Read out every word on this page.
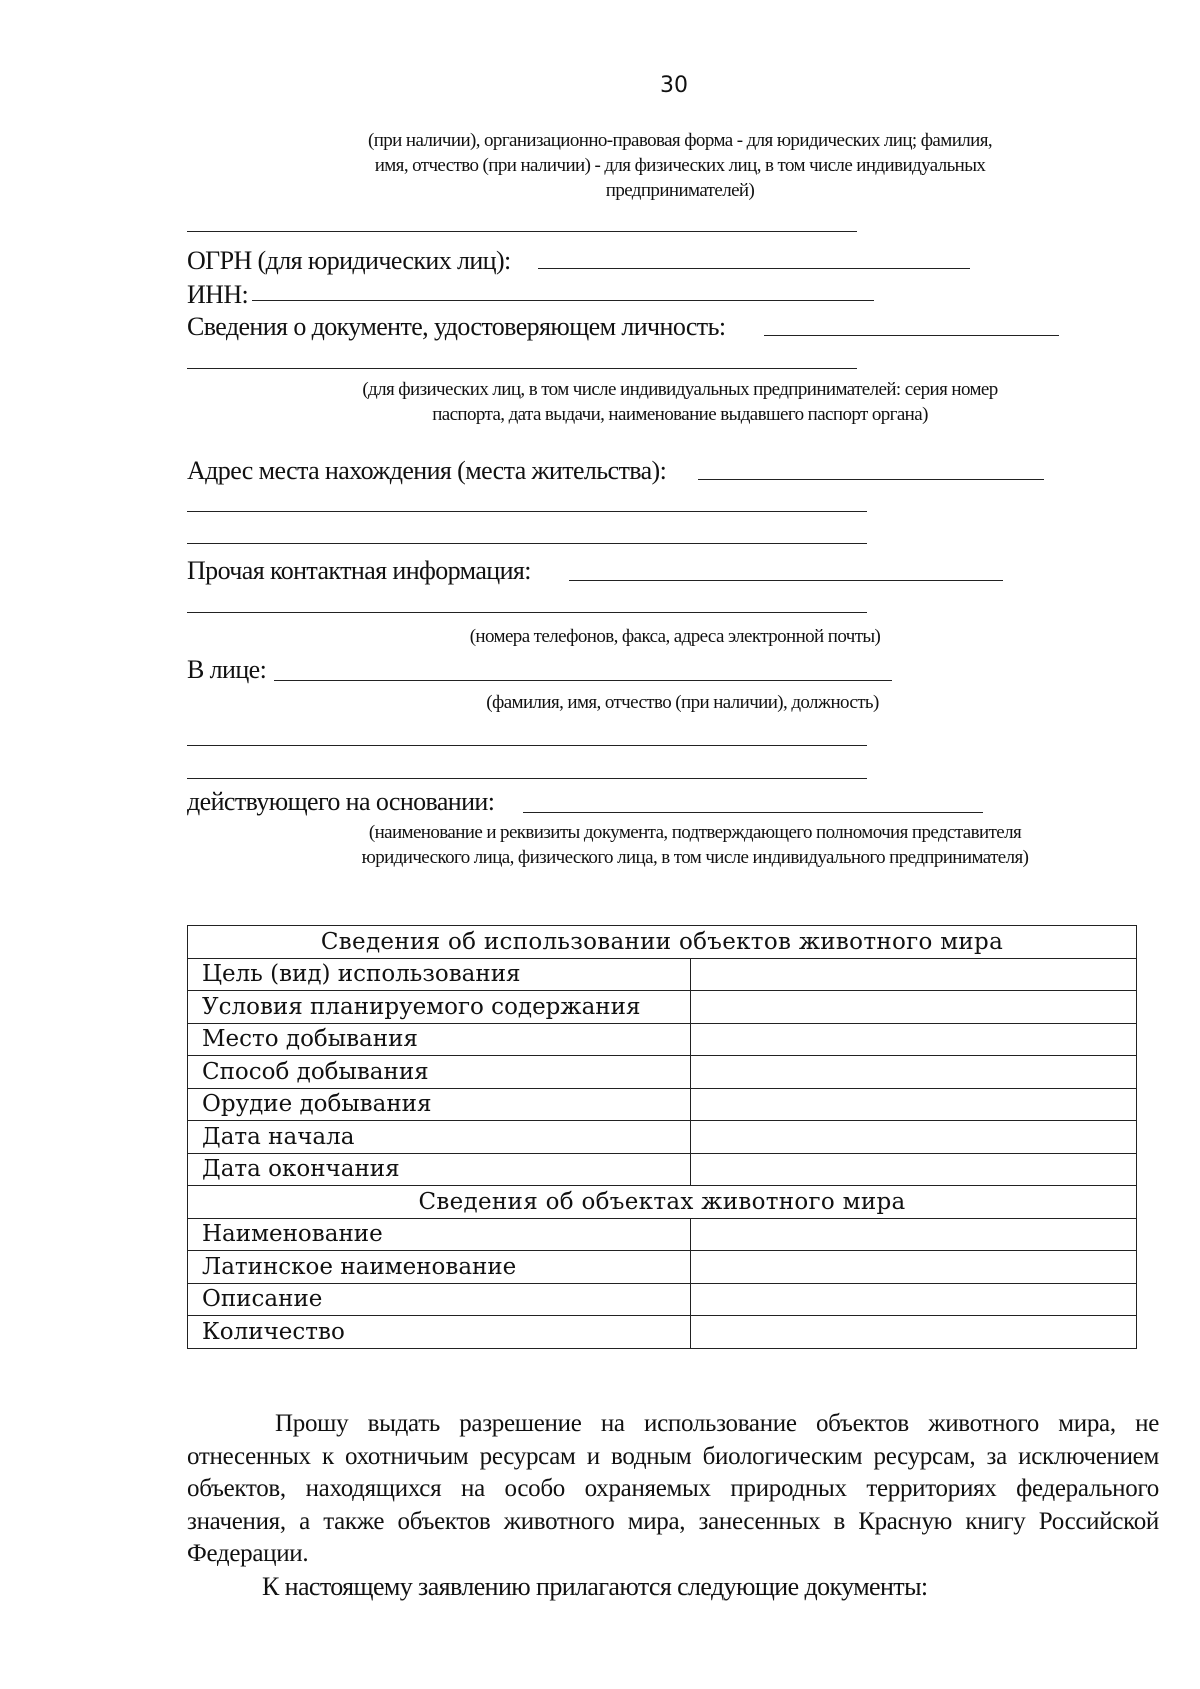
30
(при наличии), организационно-правовая форма - для юридических лиц; фамилия, имя, отчество (при наличии) - для физических лиц, в том числе индивидуальных предпринимателей)
ОГРН (для юридических лиц):
ИНН:
Сведения о документе, удостоверяющем личность:
(для физических лиц, в том числе индивидуальных предпринимателей: серия номер паспорта, дата выдачи, наименование выдавшего паспорт органа)
Адрес места нахождения (места жительства):
Прочая контактная информация:
(номера телефонов, факса, адреса электронной почты)
В лице:
(фамилия, имя, отчество (при наличии), должность)
действующего на основании:
(наименование и реквизиты документа, подтверждающего полномочия представителя юридического лица, физического лица, в том числе индивидуального предпринимателя)
Сведения об использовании объектов животного мира	
Цель (вид) использования	
Условия планируемого содержания	
Место добывания	
Способ добывания	
Орудие добывания	
Дата начала	
Дата окончания	
Сведения об объектах животного мира	
Наименование	
Латинское наименование	
Описание	
Количество	
Прошу выдать разрешение на использование объектов животного мира, не отнесенных к охотничьим ресурсам и водным биологическим ресурсам, за исключением объектов, находящихся на особо охраняемых природных территориях федерального значения, а также объектов животного мира, занесенных в Красную книгу Российской Федерации.
К настоящему заявлению прилагаются следующие документы:
